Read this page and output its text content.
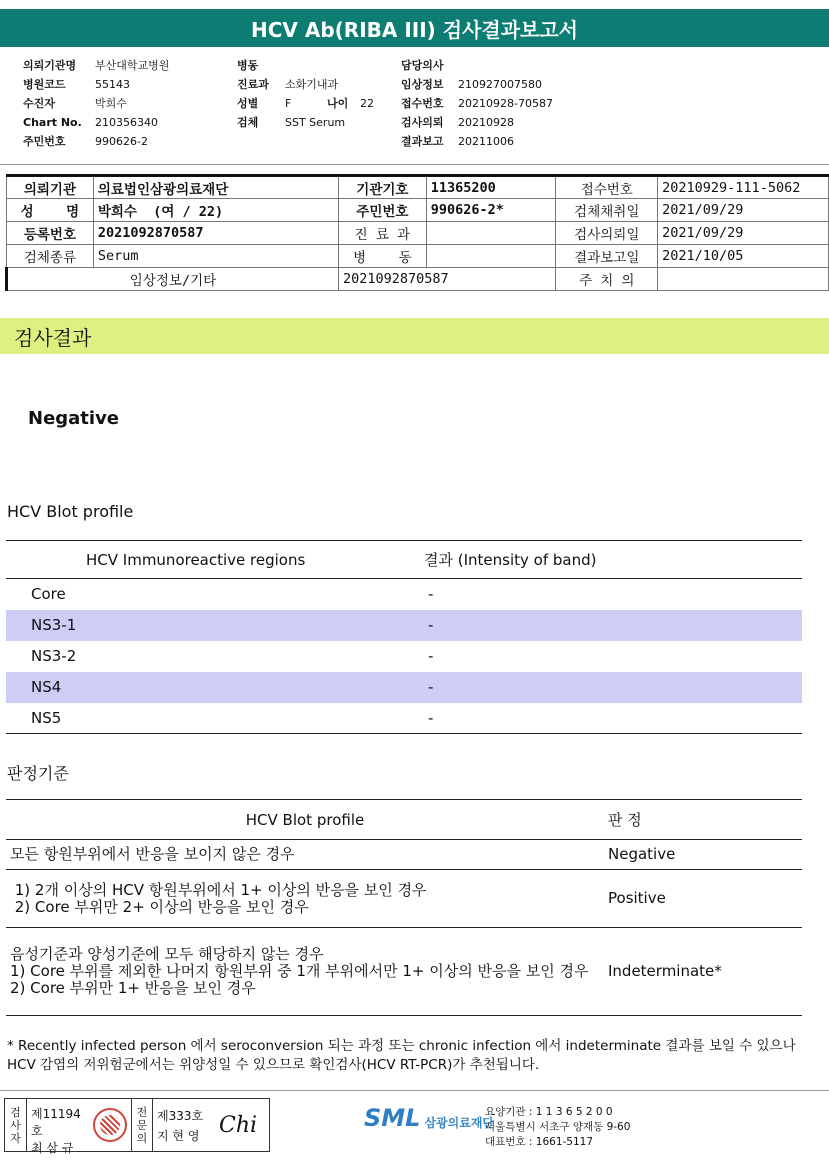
HCV Ab(RIBA III) 검사결과보고서
의뢰기관명	부산대학교병원
병원코드	55143
수진자	박희수
Chart No.	210356340
주민번호	990626-2
병동
진료과	소화기내과
성별	F	나이	22
검체	SST Serum
담당의사
임상정보	210927007580
접수번호	20210928-70587
검사의뢰	20210928
결과보고	20211006
의뢰기관	의료법인삼광의료재단	기관기호	11365200	접수번호	20210929-111-5062
성    명	박희수  (여 / 22)	주민번호	990626-2*	검체채취일	2021/09/29
등록번호	2021092870587	진 료 과		검사의뢰일	2021/09/29
검체종류	Serum	병    동		결과보고일	2021/10/05
임상정보/기타		2021092870587		주 치 의	
검사결과
Negative
HCV Blot profile
HCV Immunoreactive regions	결과 (Intensity of band)
Core	-
NS3-1	-
NS3-2	-
NS4	-
NS5	-
판정기준
HCV Blot profile	판 정

모든 항원부위에서 반응을 보이지 않은 경우	Negative

1) 2개 이상의 HCV 항원부위에서 1+ 이상의 반응을 보인 경우
2) Core 부위만 2+ 이상의 반응을 보인 경우	Positive

음성기준과 양성기준에 모두 해당하지 않는 경우
1) Core 부위를 제외한 나머지 항원부위 중 1개 부위에서만 1+ 이상의 반응을 보인 경우
2) Core 부위만 1+ 반응을 보인 경우	Indeterminate*
* Recently infected person 에서 seroconversion 되는 과정 또는 chronic infection 에서 indeterminate 결과를 보일 수 있으나 HCV 감염의 저위험군에서는 위양성일 수 있으므로 확인검사(HCV RT-PCR)가 추천됩니다.
검
사
자
제11194호
최 삼 규
전
문
의
제333호
지 현 영 Chi	SML 삼광의료재단
요양기관 : 1 1 3 6 5 2 0 0
서울특별시 서초구 양재동 9-60
대표번호 : 1661-5117
